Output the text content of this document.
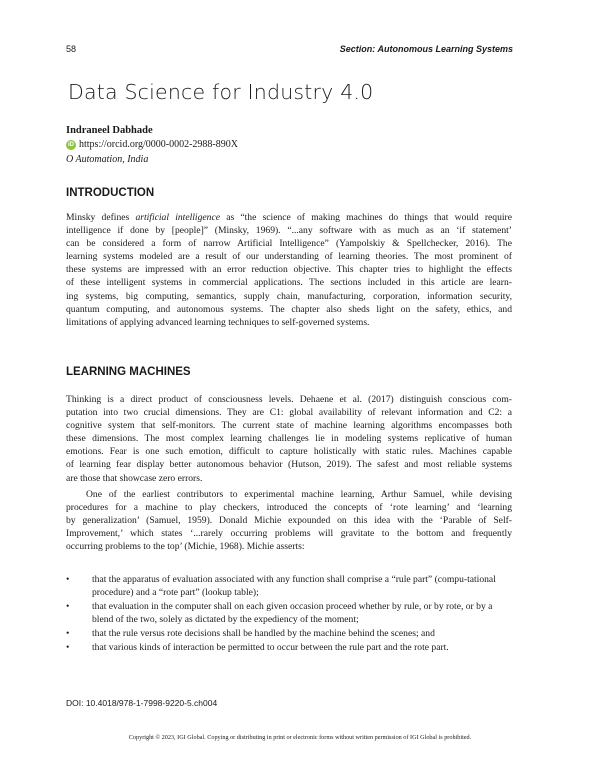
58	Section: Autonomous Learning Systems
Data Science for Industry 4.0
Indraneel Dabhade
iD https://orcid.org/0000-0002-2988-890X
O Automation, India
INTRODUCTION
Minsky defines artificial intelligence as “the science of making machines do things that would require
intelligence if done by [people]” (Minsky, 1969). “...any software with as much as an ‘if statement’
can be considered a form of narrow Artificial Intelligence” (Yampolskiy & Spellchecker, 2016). The
learning systems modeled are a result of our understanding of learning theories. The most prominent of
these systems are impressed with an error reduction objective. This chapter tries to highlight the effects
of these intelligent systems in commercial applications. The sections included in this article are learn-
ing systems, big computing, semantics, supply chain, manufacturing, corporation, information security,
quantum computing, and autonomous systems. The chapter also sheds light on the safety, ethics, and
limitations of applying advanced learning techniques to self-governed systems.
LEARNING MACHINES
Thinking is a direct product of consciousness levels. Dehaene et al. (2017) distinguish conscious com-
putation into two crucial dimensions. They are C1: global availability of relevant information and C2: a
cognitive system that self-monitors. The current state of machine learning algorithms encompasses both
these dimensions. The most complex learning challenges lie in modeling systems replicative of human
emotions. Fear is one such emotion, difficult to capture holistically with static rules. Machines capable
of learning fear display better autonomous behavior (Hutson, 2019). The safest and most reliable systems
are those that showcase zero errors.
One of the earliest contributors to experimental machine learning, Arthur Samuel, while devising
procedures for a machine to play checkers, introduced the concepts of ‘rote learning’ and ‘learning
by generalization’ (Samuel, 1959). Donald Michie expounded on this idea with the ‘Parable of Self-
Improvement,’ which states ‘...rarely occurring problems will gravitate to the bottom and frequently
occurring problems to the top’ (Michie, 1968). Michie asserts:
• that the apparatus of evaluation associated with any function shall comprise a “rule part” (compu-tational procedure) and a “rote part” (lookup table);
• that evaluation in the computer shall on each given occasion proceed whether by rule, or by rote, or by a blend of the two, solely as dictated by the expediency of the moment;
• that the rule versus rote decisions shall be handled by the machine behind the scenes; and
• that various kinds of interaction be permitted to occur between the rule part and the rote part.
DOI: 10.4018/978-1-7998-9220-5.ch004
Copyright © 2023, IGI Global. Copying or distributing in print or electronic forms without written permission of IGI Global is prohibited.
